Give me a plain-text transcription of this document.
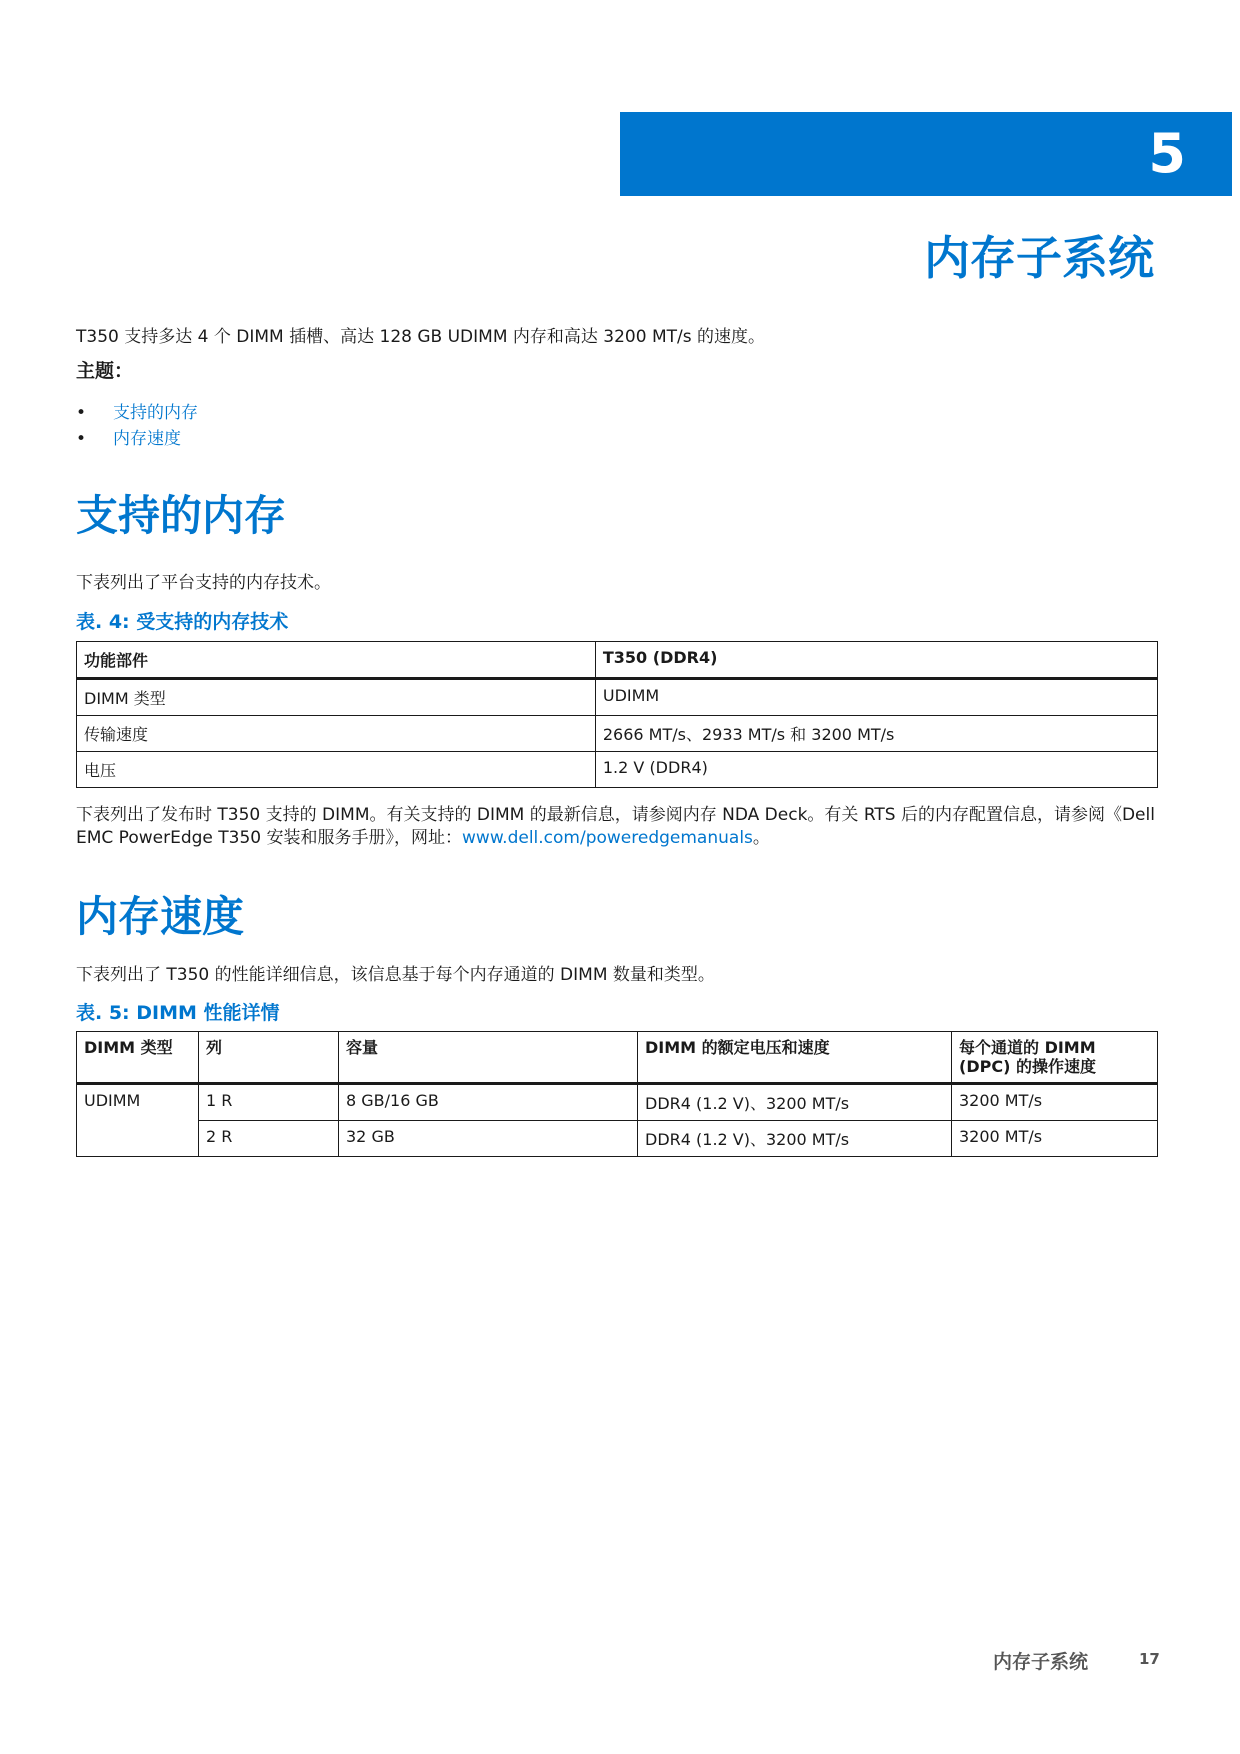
5
内存子系统
T350 支持多达 4 个 DIMM 插槽、高达 128 GB UDIMM 内存和高达 3200 MT/s 的速度。
主题：
• 支持的内存
• 内存速度
支持的内存
下表列出了平台支持的内存技术。
表. 4: 受支持的内存技术
功能部件	T350 (DDR4)
DIMM 类型	UDIMM
传输速度	2666 MT/s、2933 MT/s 和 3200 MT/s
电压	1.2 V (DDR4)
下表列出了发布时 T350 支持的 DIMM。有关支持的 DIMM 的最新信息，请参阅内存 NDA Deck。有关 RTS 后的内存配置信息，请参阅《Dell EMC PowerEdge T350 安装和服务手册》，网址：www.dell.com/poweredgemanuals。
内存速度
下表列出了 T350 的性能详细信息，该信息基于每个内存通道的 DIMM 数量和类型。
表. 5: DIMM 性能详情
DIMM 类型	列	容量	DIMM 的额定电压和速度	每个通道的 DIMM (DPC) 的操作速度
UDIMM	1 R	8 GB/16 GB	DDR4 (1.2 V)、3200 MT/s	3200 MT/s
	2 R	32 GB	DDR4 (1.2 V)、3200 MT/s	3200 MT/s
内存子系统	17
